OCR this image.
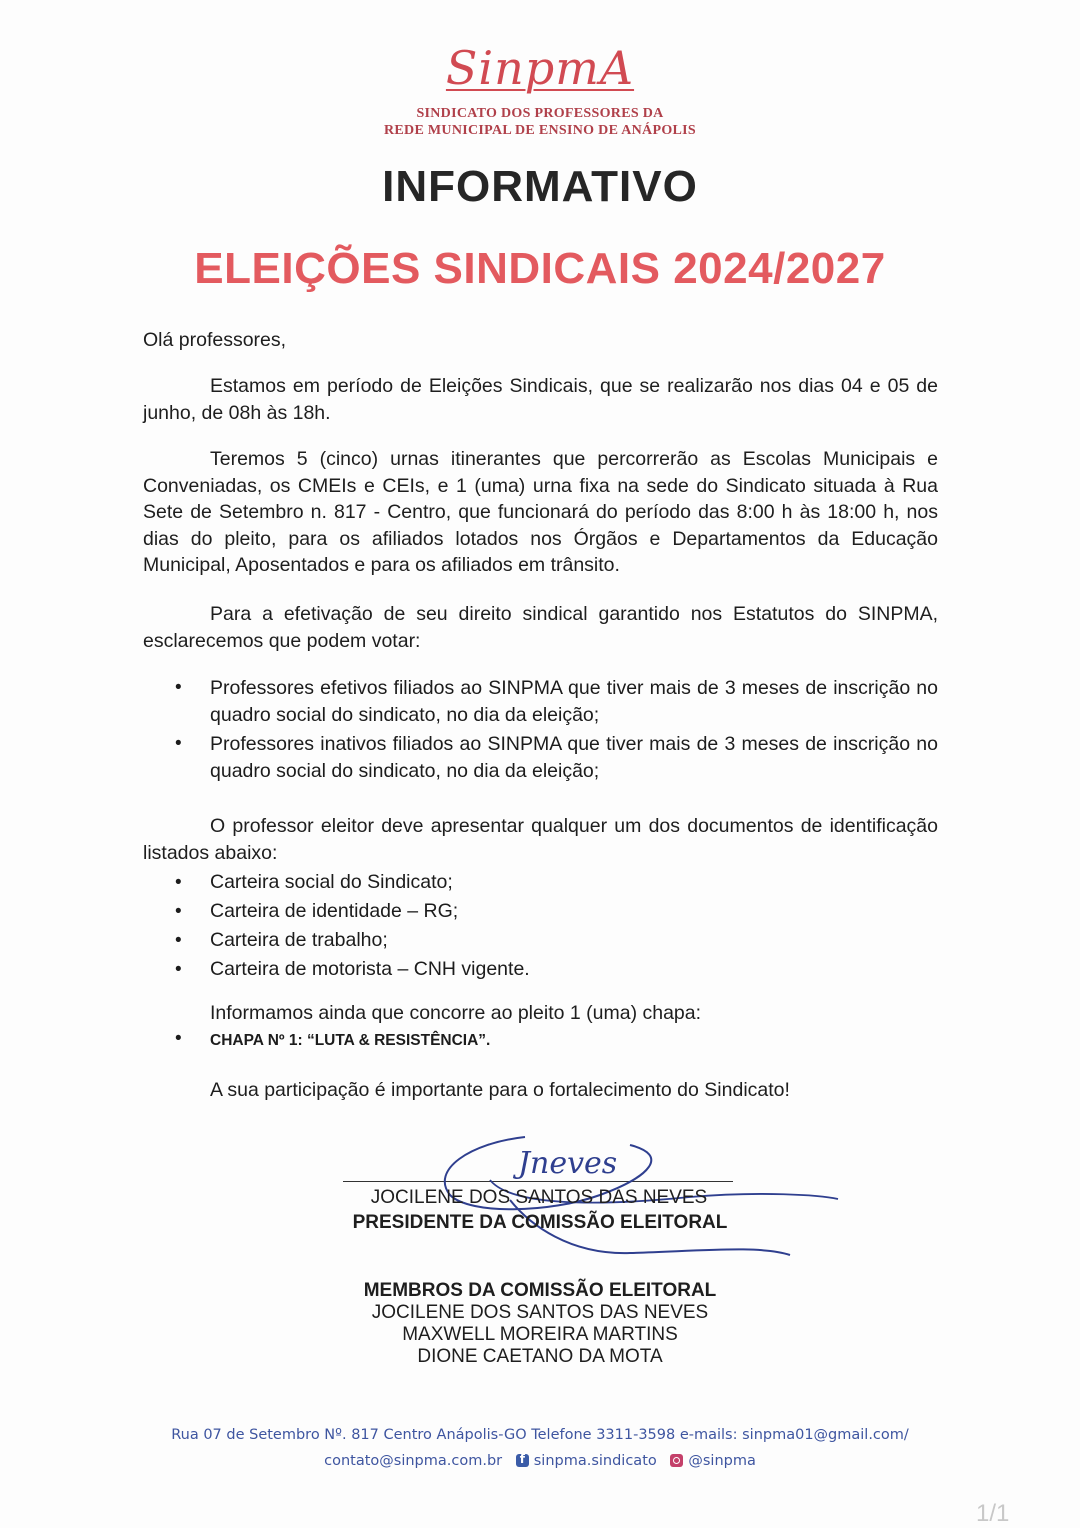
SinpmA
SINDICATO DOS PROFESSORES DA
REDE MUNICIPAL DE ENSINO DE ANÁPOLIS
INFORMATIVO
ELEIÇÕES SINDICAIS 2024/2027
Olá professores,
Estamos em período de Eleições Sindicais, que se realizarão nos dias 04 e 05 de junho, de 08h às 18h.
Teremos 5 (cinco) urnas itinerantes que percorrerão as Escolas Municipais e Conveniadas, os CMEIs e CEIs, e 1 (uma) urna fixa na sede do Sindicato situada à Rua Sete de Setembro n. 817 - Centro, que funcionará do período das 8:00 h às 18:00 h, nos dias do pleito, para os afiliados lotados nos Órgãos e Departamentos da Educação Municipal, Aposentados e para os afiliados em trânsito.
Para a efetivação de seu direito sindical garantido nos Estatutos do SINPMA, esclarecemos que podem votar:
• Professores efetivos filiados ao SINPMA que tiver mais de 3 meses de inscrição no quadro social do sindicato, no dia da eleição;
• Professores inativos filiados ao SINPMA que tiver mais de 3 meses de inscrição no quadro social do sindicato, no dia da eleição;
O professor eleitor deve apresentar qualquer um dos documentos de identificação listados abaixo:
• Carteira social do Sindicato;
• Carteira de identidade – RG;
• Carteira de trabalho;
• Carteira de motorista – CNH vigente.
Informamos ainda que concorre ao pleito 1 (uma) chapa:
• CHAPA Nº 1: “LUTA & RESISTÊNCIA”.
A sua participação é importante para o fortalecimento do Sindicato!
Jneves
JOCILENE DOS SANTOS DAS NEVES
PRESIDENTE DA COMISSÃO ELEITORAL
MEMBROS DA COMISSÃO ELEITORAL
JOCILENE DOS SANTOS DAS NEVES
MAXWELL MOREIRA MARTINS
DIONE CAETANO DA MOTA
Rua 07 de Setembro Nº. 817 Centro Anápolis-GO Telefone 3311-3598 e-mails: sinpma01@gmail.com/
contato@sinpma.com.br f sinpma.sindicato @sinpma
1/1
